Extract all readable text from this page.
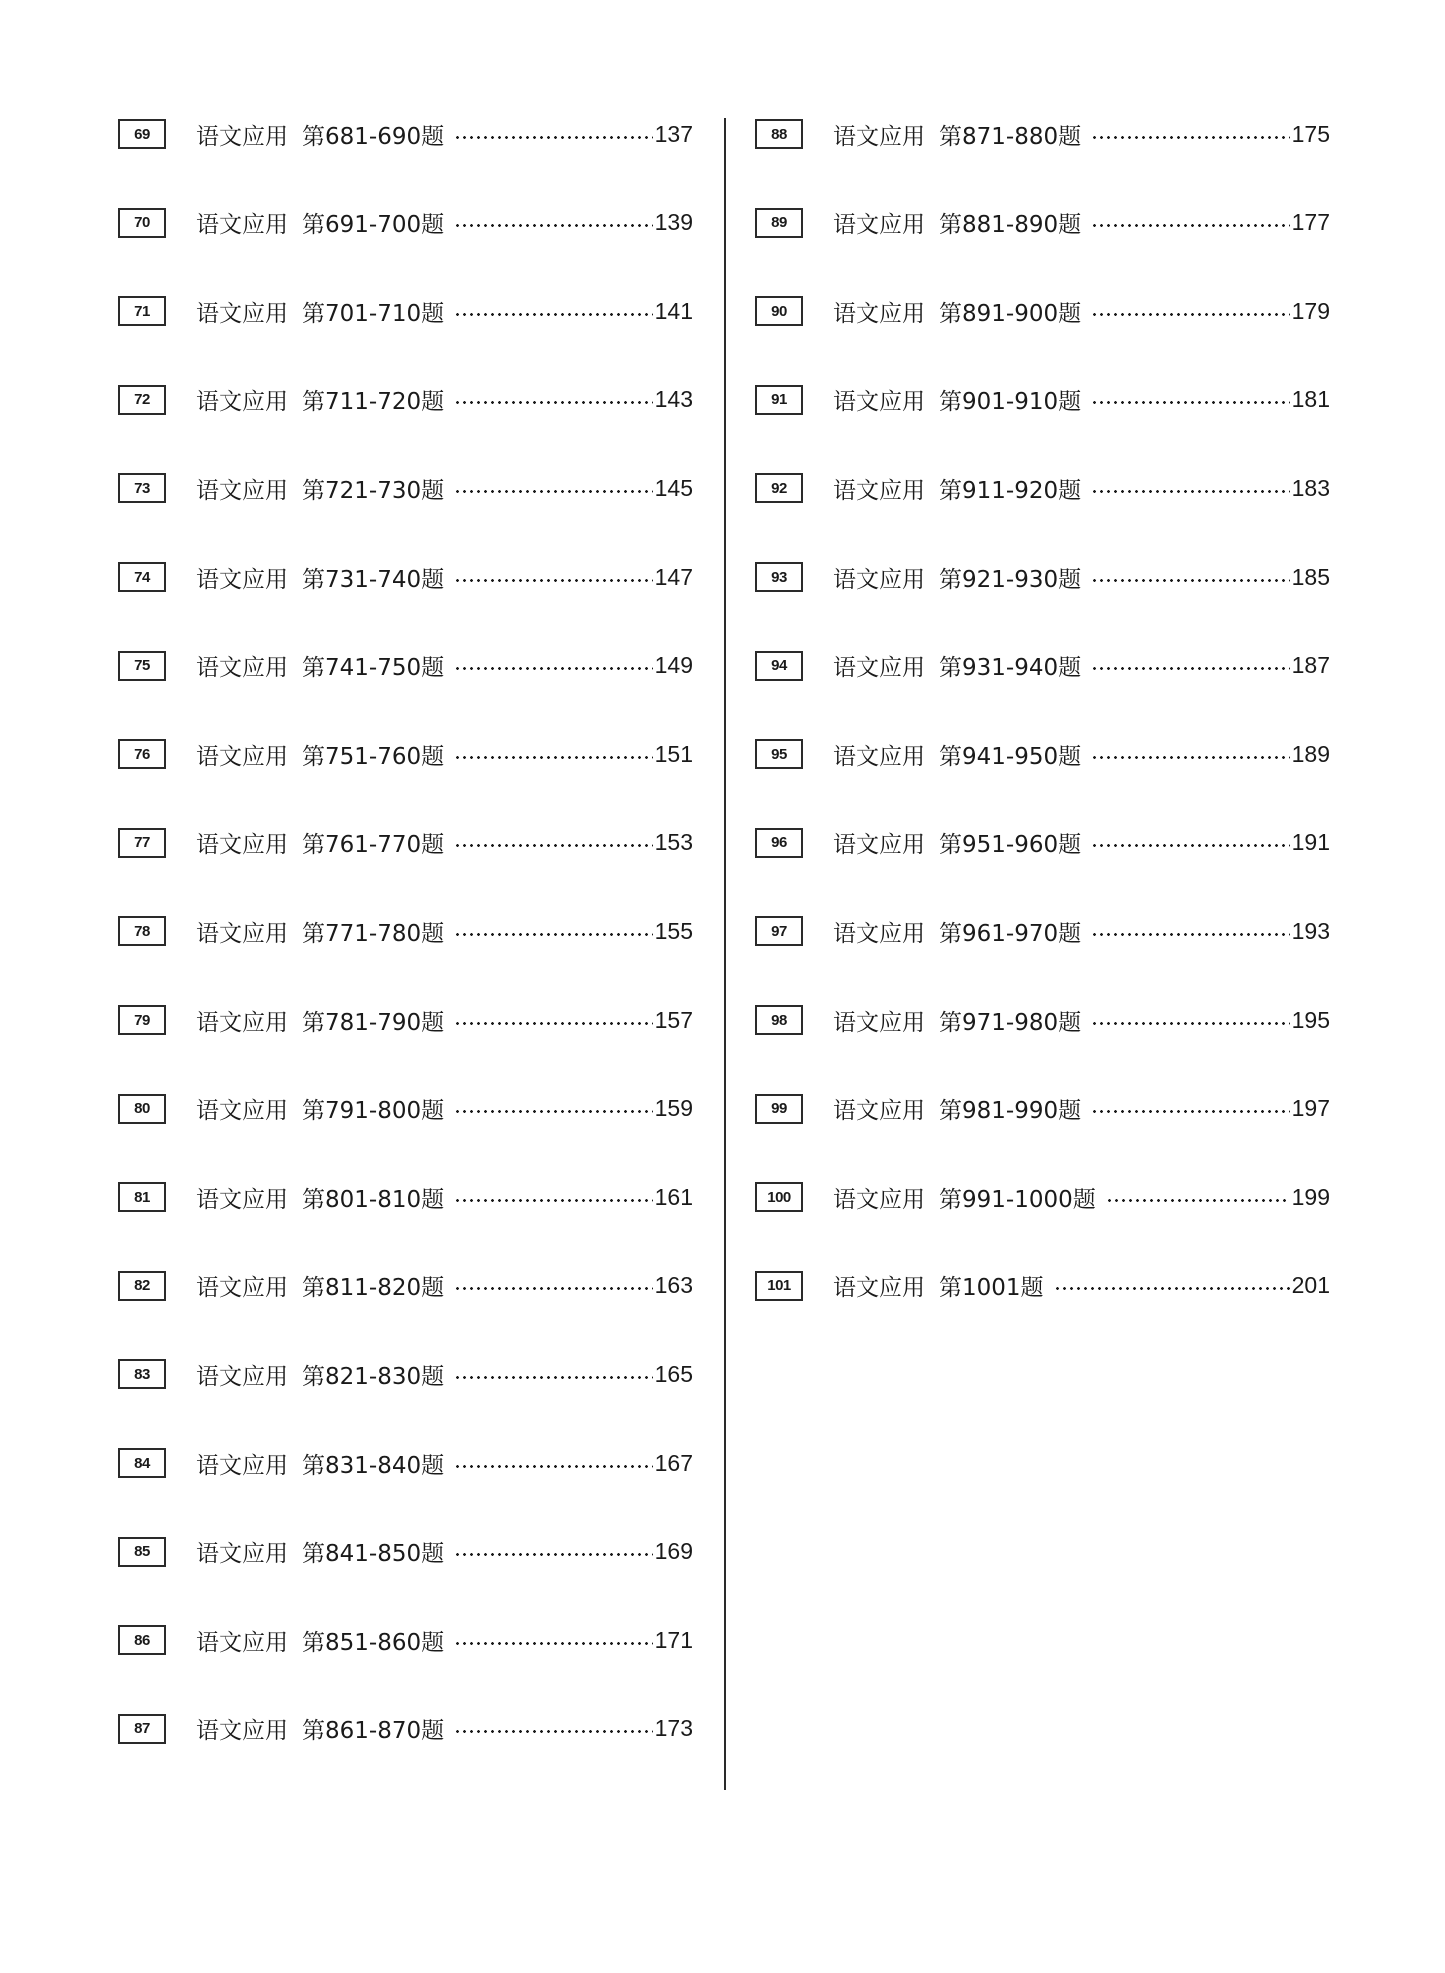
69	语文应用 第681-690题	137
70	语文应用 第691-700题	139
71	语文应用 第701-710题	141
72	语文应用 第711-720题	143
73	语文应用 第721-730题	145
74	语文应用 第731-740题	147
75	语文应用 第741-750题	149
76	语文应用 第751-760题	151
77	语文应用 第761-770题	153
78	语文应用 第771-780题	155
79	语文应用 第781-790题	157
80	语文应用 第791-800题	159
81	语文应用 第801-810题	161
82	语文应用 第811-820题	163
83	语文应用 第821-830题	165
84	语文应用 第831-840题	167
85	语文应用 第841-850题	169
86	语文应用 第851-860题	171
87	语文应用 第861-870题	173
88	语文应用 第871-880题	175
89	语文应用 第881-890题	177
90	语文应用 第891-900题	179
91	语文应用 第901-910题	181
92	语文应用 第911-920题	183
93	语文应用 第921-930题	185
94	语文应用 第931-940题	187
95	语文应用 第941-950题	189
96	语文应用 第951-960题	191
97	语文应用 第961-970题	193
98	语文应用 第971-980题	195
99	语文应用 第981-990题	197
100	语文应用 第991-1000题	199
101	语文应用 第1001题	201
